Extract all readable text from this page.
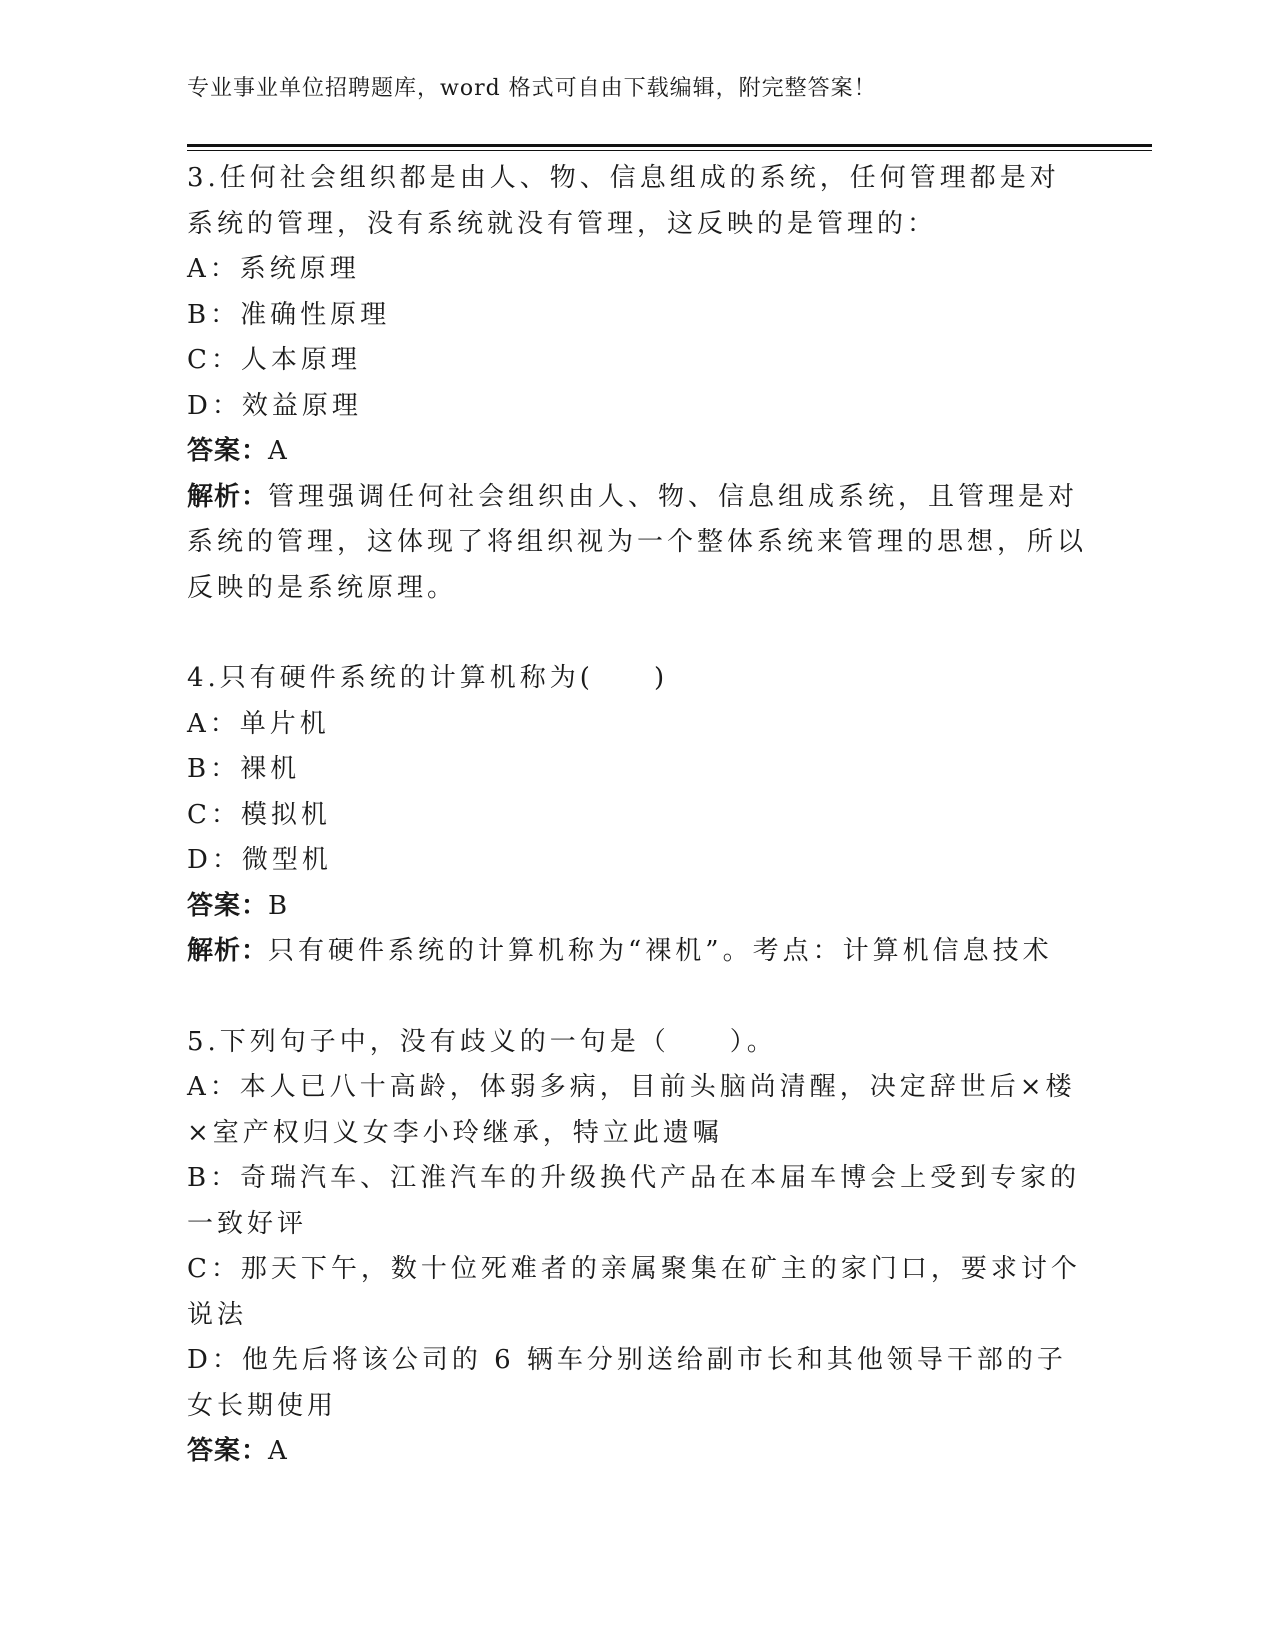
专业事业单位招聘题库，word 格式可自由下载编辑，附完整答案！

3.任何社会组织都是由人、物、信息组成的系统，任何管理都是对系统的管理，没有系统就没有管理，这反映的是管理的：

A：系统原理

B：准确性原理

C：人本原理

D：效益原理

答案：A

解析：管理强调任何社会组织由人、物、信息组成系统，且管理是对系统的管理，这体现了将组织视为一个整体系统来管理的思想，所以反映的是系统原理。

4.只有硬件系统的计算机称为(　　)

A：单片机

B：裸机

C：模拟机

D：微型机

答案：B

解析：只有硬件系统的计算机称为“裸机”。考点：计算机信息技术

5.下列句子中，没有歧义的一句是（　　）。

A：本人已八十高龄，体弱多病，目前头脑尚清醒，决定辞世后×楼×室产权归义女李小玲继承，特立此遗嘱

B：奇瑞汽车、江淮汽车的升级换代产品在本届车博会上受到专家的一致好评

C：那天下午，数十位死难者的亲属聚集在矿主的家门口，要求讨个说法

D：他先后将该公司的 6 辆车分别送给副市长和其他领导干部的子女长期使用

答案：A
